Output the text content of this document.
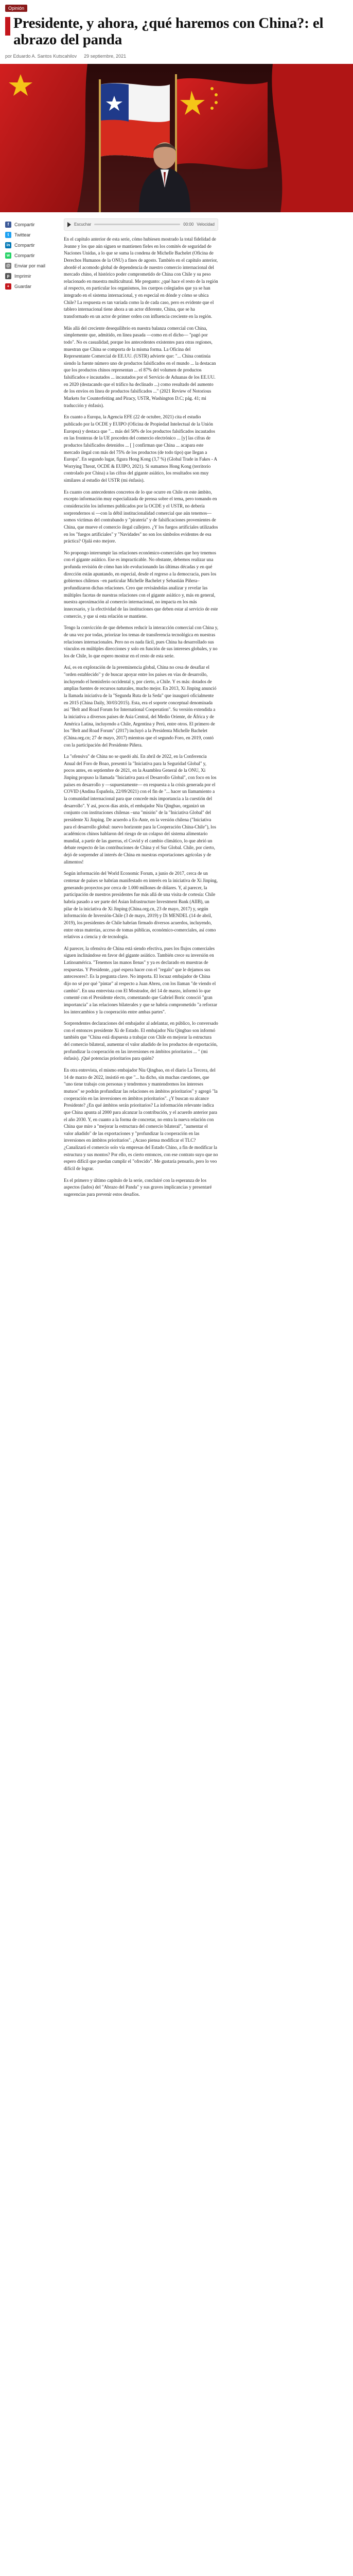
Opinión
Presidente, y ahora, ¿qué haremos con China?: el abrazo del panda
por Eduardo A. Santos Kutscahilov 29 septiembre, 2021
f	Compartir
t	Twittear
in Compartir
w Compartir
@ Enviar por mail
p	Imprimir
+	Guardar
Escuchar	00:00 Velocidad

En el capítulo anterior de esta serie, cómo hubiesen mostrado la total fidelidad de Jeanne y los que aún siguen se mantienen fieles en los comités de seguridad de Naciones Unidas, a lo que se suma la condena de Michelle Bachelet (Oficina de Derechos Humanos de la ONU) a fines de agosto. También en el capítulo anterior, abordé el acomodo global de dependencia de nuestro comercio internacional del mercado chino, el histórico poder comprometido de China con Chile y su peso relacionado en muestra multicultural. Me pregunto: ¿qué hace el resto de la región al respecto, en particular los organismos, los cuerpos colegiados que ya se han integrado en el sistema internacional, y en especial en dónde y cómo se ubica Chile? La respuesta es tan variada como la de cada caso, pero es evidente que el tablero internacional tiene ahora a un actor diferente, China, que se ha transformado en un actor de primer orden con influencia creciente en la región.

Más allá del creciente desequilibrio en nuestra balanza comercial con China, simplemente que, admitido, en línea pasada —como en el dicho— "pagó por todo". No es casualidad, porque los antecedentes existentes para otras regiones, muestran que China se comporta de la misma forma. La Oficina del Representante Comercial de EE.UU. (USTR) advierte que: "... China continúa siendo la fuente número uno de productos falsificados en el mundo ... la destacan que los productos chinos representan ... el 87% del volumen de productos falsificados e incautados ... incautados por el Servicio de Aduanas de los EE.UU. en 2020 (destacando que el tráfico ha declinado ...) como resultado del aumento de los envíos en línea de productos falsificados ..." (2021 Review of Notorious Markets for Counterfeiting and Piracy, USTR, Washington D.C; pág. 41; mi traducción y énfasis).

En cuanto a Europa, la Agencia EFE (22 de octubre, 2021) cita el estudio publicado por la OCDE y EUIPO (Oficina de Propiedad Intelectual de la Unión Europea) y destaca que "... más del 50% de los productos falsificados incautados en las fronteras de la UE proceden del comercio electrónico ... [y] las cifras de productos falsificados detenidos ... [ ] confirman que China ... acapara este mercado ilegal con más del 75% de los productos (de todo tipo) que llegan a Europa". En segundo lugar, figura Hong Kong (3,7 %) (Global Trade in Fakes - A Worrying Threat, OCDE & EUIPO, 2021). Si sumamos Hong Kong (territorio controlado por China) a las cifras del gigante asiático, los resultados son muy similares al estudio del USTR (mi énfasis).

Es cuanto con antecedentes concretos de lo que ocurre en Chile en este ámbito, excepto información muy especializada de prensa sobre el tema, pero tomando en consideración los informes publicados por la OCDE y el USTR, no debería sorprendernos si —con la débil institucionalidad comercial que aún tenemos— somos víctimas del contrabando y "piratería" y de falsificaciones provenientes de China, que mueve el comercio ilegal callejero. ¿Y los fuegos artificiales utilizados en los "fuegos artificiales" y "Navidades" no son los símbolos evidentes de esa práctica? Ojalá esto mejore.

No propongo interrumpir las relaciones económico-comerciales que hoy tenemos con el gigante asiático. Ese es impracticable. No obstante, debemos realizar una profunda revisión de cómo han ido evolucionando las últimas décadas y en qué dirección están apuntando, en especial, desde el regreso a la democracia, pues los gobiernos chilenos –en particular Michelle Bachelet y Sebastián Piñera– profundizaron dichas relaciones. Creo que revisándolas analizar y revelar las múltiples facetas de nuestras relaciones con el gigante asiático y, más en general, nuestra aproximación al comercio internacional, no impacta en los más innecesario, y la efectividad de las instituciones que deben estar al servicio de este comercio, y que si esta relación se mantiene.

Tengo la convicción de que debemos reducir la interacción comercial con China y, de una vez por todas, priorizar los temas de transferencia tecnológica en nuestras relaciones internacionales. Pero no es nada fácil, pues China ha desarrollado sus vínculos en múltiples direcciones y solo en función de sus intereses globales, y no los de Chile, lo que espero mostrar en el resto de esta serie.

Así, es en exploración de la preeminencia global, China no cesa de desafiar el "orden establecido" y de buscar apoyar entre los países en vías de desarrollo, incluyendo el hemisferio occidental y, por cierto, a Chile. Y es más: dotados de amplias fuentes de recursos naturales, mucho mejor. En 2013, Xi Jinping anunció la llamada iniciativa de la "Segunda Ruta de la Seda" que inauguró oficialmente en 2015 (China Daily, 30/03/2015). Esta, era el soporte conceptual denominada así "Belt and Road Forum for International Cooperation". Su versión extendida a la iniciativa a diversos países de Asia Central, del Medio Oriente, de África y de América Latina, incluyendo a Chile, Argentina y Perú, entre otros. El primero de los "Belt and Road Forum" (2017) incluyó a la Presidenta Michelle Bachelet (China.org.cn; 27 de mayo, 2017) mientras que el segundo Foro, en 2019, contó con la participación del Presidente Piñera.

La "ofensiva" de China no se quedó ahí. En abril de 2022, en la Conferencia Anual del Foro de Boao, presentó la "Iniciativa para la Seguridad Global" y, pocos antes, en septiembre de 2021, en la Asamblea General de la ONU, Xi Jinping propuso la llamada "Iniciativa para el Desarrollo Global", con foco en los países en desarrollo y —supuestamente— en respuesta a la crisis generada por el COVID (Andina Española, 22/09/2021) con el fin de "... hacer un llamamiento a la comunidad internacional para que concede más importancia a la cuestión del desarrollo". Y así, pocos días atrás, el embajador Niu Qingbao, organizó un conjunto con instituciones chilenas –una "misión" de la "Iniciativa Global" del presidente Xi Jinping. De acuerdo a Ex-Ante, en la versión chilena ("Iniciativa para el desarrollo global: nuevo horizonte para la Cooperación China-Chile"), los académicos chinos hablaron del riesgo de un colapso del sistema alimentario mundial, a partir de las guerras, el Covid y el cambio climático, lo que abrió un debate respecto de las contribuciones de China y el Sur Global. Chile, por cierto, dejó de sorprender al interés de China en nuestras exportaciones agrícolas y de alimentos!

Según información del World Economic Forum, a junio de 2017, cerca de un centenar de países se habrían manifestado en interés en la iniciativa de Xi Jinping, generando proyectos por cerca de 1.000 millones de dólares. Y, al parecer, la participación de nuestros presidentes fue más allá de una visita de cortesía: Chile habría pasado a ser parte del Asian Infrastructure Investment Bank (AIIB), un pilar de la iniciativa de Xi Jinping (China.org.cn, 23 de mayo, 2017) y, según información de Inversión-Chile (3 de mayo, 2019) y Di MENDEL (14 de abril, 2019), los presidentes de Chile habrían firmado diversos acuerdos, incluyendo, entre otras materias, acceso de tomas públicas, económico-comerciales, así como relativos a ciencia y de tecnología.

Al parecer, la ofensiva de China está siendo efectiva, pues los flujos comerciales siguen inclinándose en favor del gigante asiático. También crece su inversión en Latinoamérica. "Tenemos las manos llenas" y ya es declarado en muestras de respuestas. Y Presidente, ¿qué espera hacer con el "regalo" que le dejamos sus antecesores?. Es la pregunta clave. No importa. El locuaz embajador de China dijo no sé por qué "pintar" al respecto a Juan Abreu, con los llaman "de viendo el cambio". En una entrevista con El Mostrador, del 14 de marzo, informó lo que comenté con el Presidente electo, comentando que Gabriel Boric conoció "gran importancia" a las relaciones bilaterales y que se habría comprometido "a reforzar los intercambios y la cooperación entre ambas partes".

Sorprendentes declaraciones del embajador al adelantar, en público, lo conversado con el entonces presidente Xi de Estado. El embajador Niu Qingbao son informó también que "China está dispuesta a trabajar con Chile en mejorar la estructura del comercio bilateral, aumentar el valor añadido de los productos de exportación, profundizar la cooperación en las inversiones en ámbitos prioritarios ... " (mi énfasis). ¡Qué potencias prioritarios para quién?

En otra entrevista, el mismo embajador Niu Qingbao, en el diario La Tercera, del 14 de marzo de 2022, insistió en que "... ha dicho, sin muchas cuestiones, que "uno tiene trabajo con personas y tendremos y mantendremos los intereses mutuos" se podrán profundizar las relaciones en ámbitos prioritarios" y agregó "la cooperación en las inversiones en ámbitos prioritarios". ¿Y buscan su alcance Presidente? ¿En qué ámbitos serán prioritarios? La información relevante indica que China apunta al 2000 para alcanzar la contribución, y el acuerdo anterior para el año 2030. Y, en cuanto a la forma de concretar, no entra la nueva relación con China que mire a "mejorar la estructura del comercio bilateral", "aumentar el valor añadido" de las exportaciones y "profundizar la cooperación en las inversiones en ámbitos prioritarios". ¿Acaso piensa modificar el TLC? ¿Canalizará el comercio solo vía empresas del Estado Chino, a fin de modificar la estructura y sus montos? Por ello, es cierto entonces, con ese contrato suyo que no espero difícil que puedan cumplir el "ofrecido". Me gustaría pensarlo, pero lo veo difícil de lograr.

Es el primero y último capítulo de la serie, concluiré con la esperanza de los aspectos (lados) del "Abrazo del Panda" y sus graves implicancias y presentaré sugerencias para prevenir estos desafíos.
